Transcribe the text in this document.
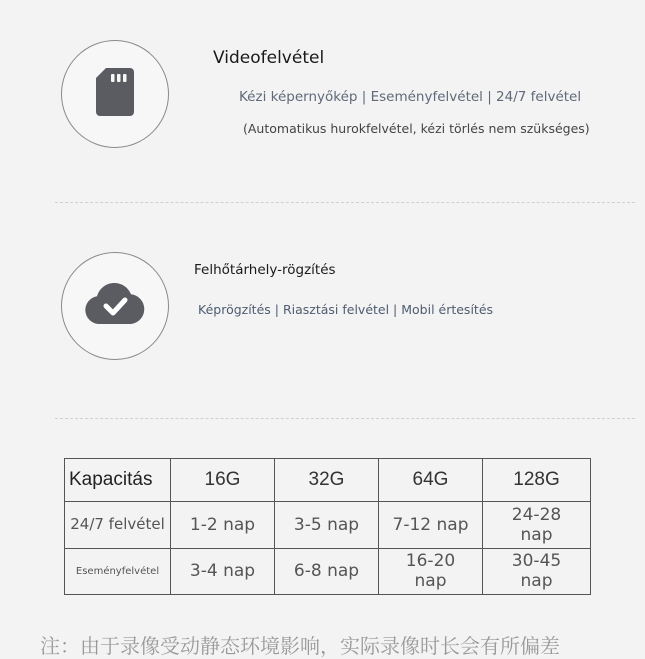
Videofelvétel
Kézi képernyőkép | Eseményfelvétel | 24/7 felvétel
(Automatikus hurokfelvétel, kézi törlés nem szükséges)
Felhőtárhely-rögzítés
Képrögzítés | Riasztási felvétel | Mobil értesítés
Kapacitás	16G	32G	64G	128G
24/7 felvétel	1-2 nap	3-5 nap	7-12 nap	24-28 nap
Eseményfelvétel	3-4 nap	6-8 nap	16-20 nap	30-45 nap
注：由于录像受动静态环境影响，实际录像时长会有所偏差
